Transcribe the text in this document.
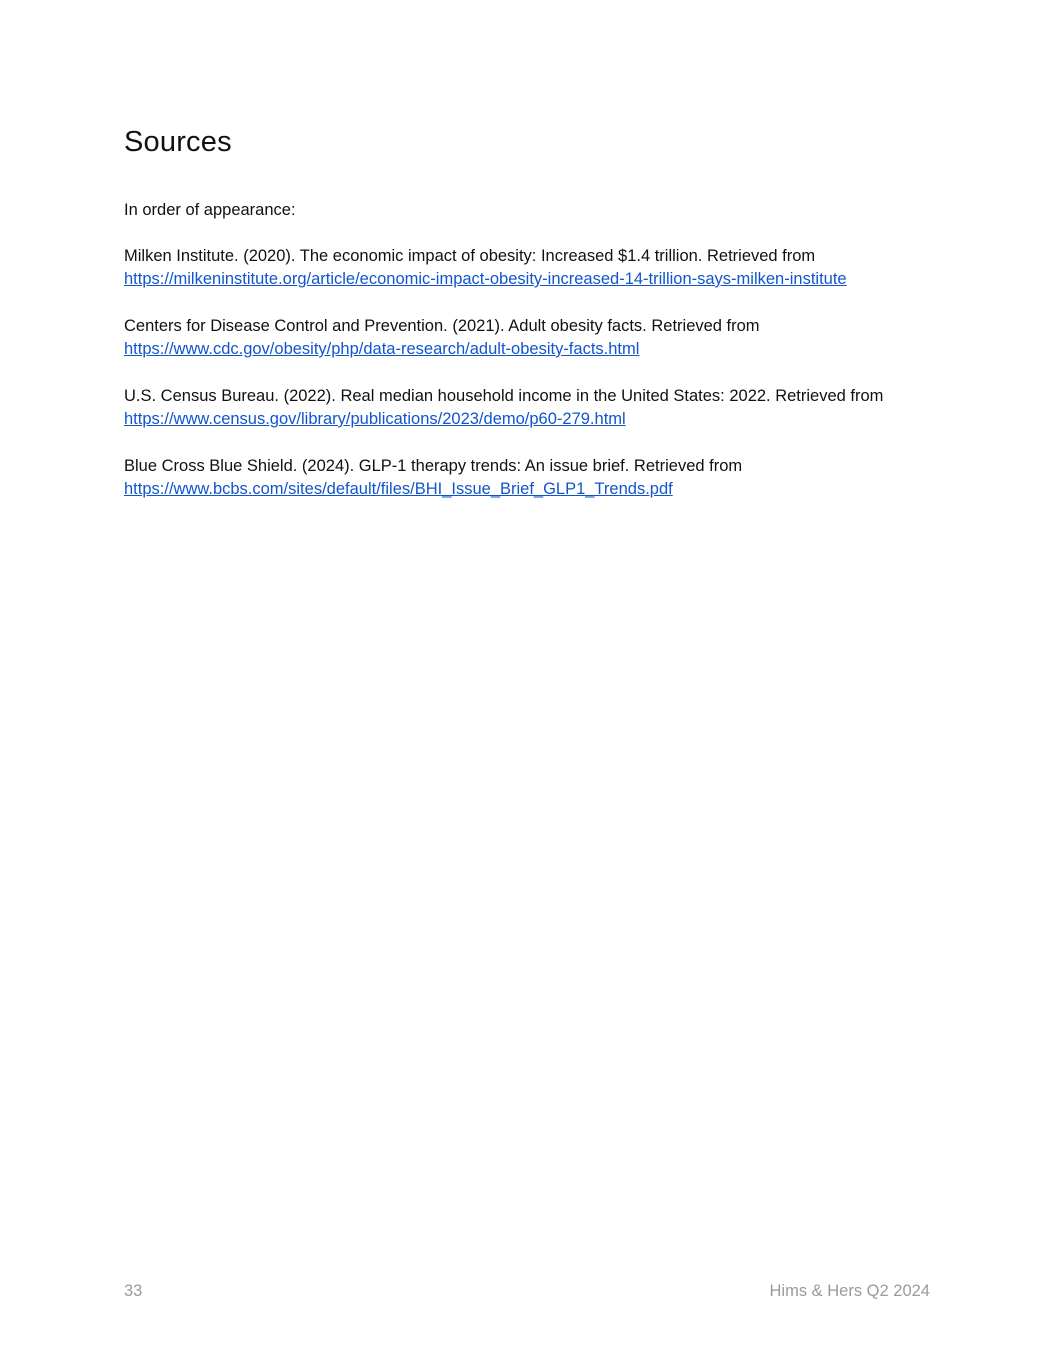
Sources

In order of appearance:

Milken Institute. (2020). The economic impact of obesity: Increased $1.4 trillion. Retrieved from
https://milkeninstitute.org/article/economic-impact-obesity-increased-14-trillion-says-milken-institute
Centers for Disease Control and Prevention. (2021). Adult obesity facts. Retrieved from
https://www.cdc.gov/obesity/php/data-research/adult-obesity-facts.html
U.S. Census Bureau. (2022). Real median household income in the United States: 2022. Retrieved from
https://www.census.gov/library/publications/2023/demo/p60-279.html
Blue Cross Blue Shield. (2024). GLP-1 therapy trends: An issue brief. Retrieved from
https://www.bcbs.com/sites/default/files/BHI_Issue_Brief_GLP1_Trends.pdf
33	Hims & Hers Q2 2024
